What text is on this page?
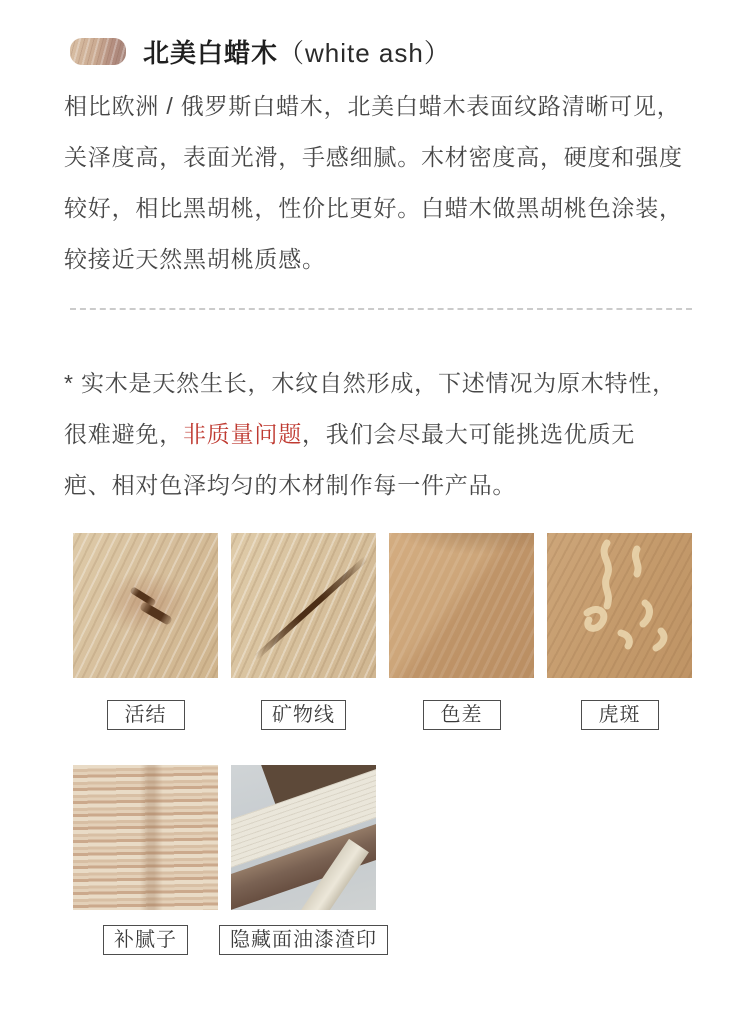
北美白蜡木（white ash）
相比欧洲 / 俄罗斯白蜡木，北美白蜡木表面纹路清晰可见，
关泽度高，表面光滑，手感细腻。木材密度高，硬度和强度
较好，相比黑胡桃，性价比更好。白蜡木做黑胡桃色涂装，
较接近天然黑胡桃质感。
* 实木是天然生长，木纹自然形成，下述情况为原木特性，
很难避免，非质量问题，我们会尽最大可能挑选优质无
疤、相对色泽均匀的木材制作每一件产品。
活结	矿物线	色差	虎斑
补腻子	隐藏面油漆渣印
